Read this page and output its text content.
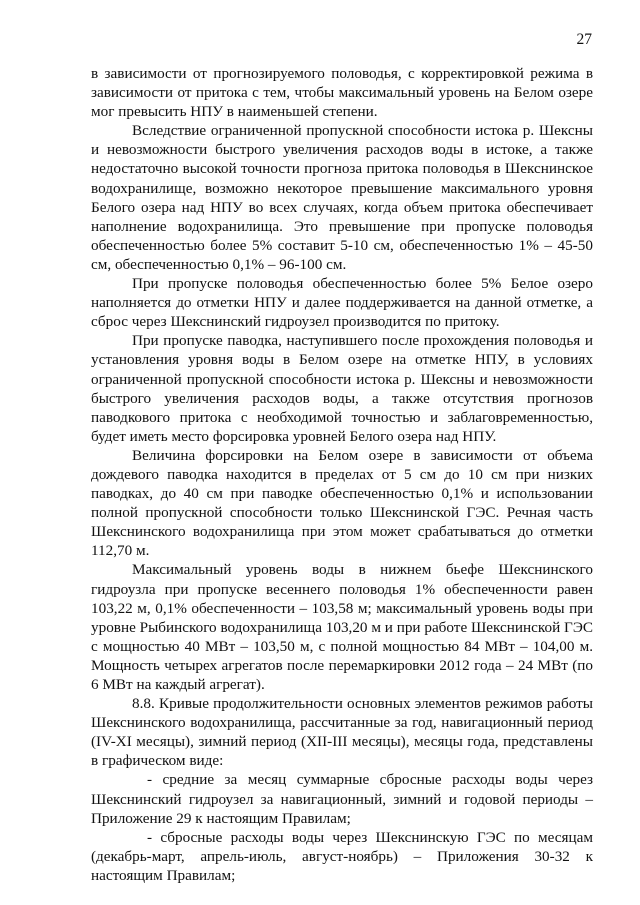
27

в зависимости от прогнозируемого половодья, с корректировкой режима в зависимости от притока с тем, чтобы максимальный уровень на Белом озере мог превысить НПУ в наименьшей степени.

Вследствие ограниченной пропускной способности истока р. Шексны и невозможности быстрого увеличения расходов воды в истоке, а также недостаточно высокой точности прогноза притока половодья в Шекснинское водохранилище, возможно некоторое превышение максимального уровня Белого озера над НПУ во всех случаях, когда объем притока обеспечивает наполнение водохранилища. Это превышение при пропуске половодья обеспеченностью более 5% составит 5-10 см, обеспеченностью 1% – 45-50 см, обеспеченностью 0,1% – 96-100 см.

При пропуске половодья обеспеченностью более 5% Белое озеро наполняется до отметки НПУ и далее поддерживается на данной отметке, а сброс через Шекснинский гидроузел производится по притоку.

При пропуске паводка, наступившего после прохождения половодья и установления уровня воды в Белом озере на отметке НПУ, в условиях ограниченной пропускной способности истока р. Шексны и невозможности быстрого увеличения расходов воды, а также отсутствия прогнозов паводкового притока с необходимой точностью и заблаговременностью, будет иметь место форсировка уровней Белого озера над НПУ.

Величина форсировки на Белом озере в зависимости от объема дождевого паводка находится в пределах от 5 см до 10 см при низких паводках, до 40 см при паводке обеспеченностью 0,1% и использовании полной пропускной способности только Шекснинской ГЭС. Речная часть Шекснинского водохранилища при этом может срабатываться до отметки 112,70 м.

Максимальный уровень воды в нижнем бьефе Шекснинского гидроузла при пропуске весеннего половодья 1% обеспеченности равен 103,22 м, 0,1% обеспеченности – 103,58 м; максимальный уровень воды при уровне Рыбинского водохранилища 103,20 м и при работе Шекснинской ГЭС с мощностью 40 МВт – 103,50 м, с полной мощностью 84 МВт – 104,00 м. Мощность четырех агрегатов после перемаркировки 2012 года – 24 МВт (по 6 МВт на каждый агрегат).

8.8. Кривые продолжительности основных элементов режимов работы Шекснинского водохранилища, рассчитанные за год, навигационный период (IV-XI месяцы), зимний период (XII-III месяцы), месяцы года, представлены в графическом виде:

- средние за месяц суммарные сбросные расходы воды через Шекснинский гидроузел за навигационный, зимний и годовой периоды – Приложение 29 к настоящим Правилам;

- сбросные расходы воды через Шекснинскую ГЭС по месяцам (декабрь-март, апрель-июль, август-ноябрь) – Приложения 30-32 к настоящим Правилам;
